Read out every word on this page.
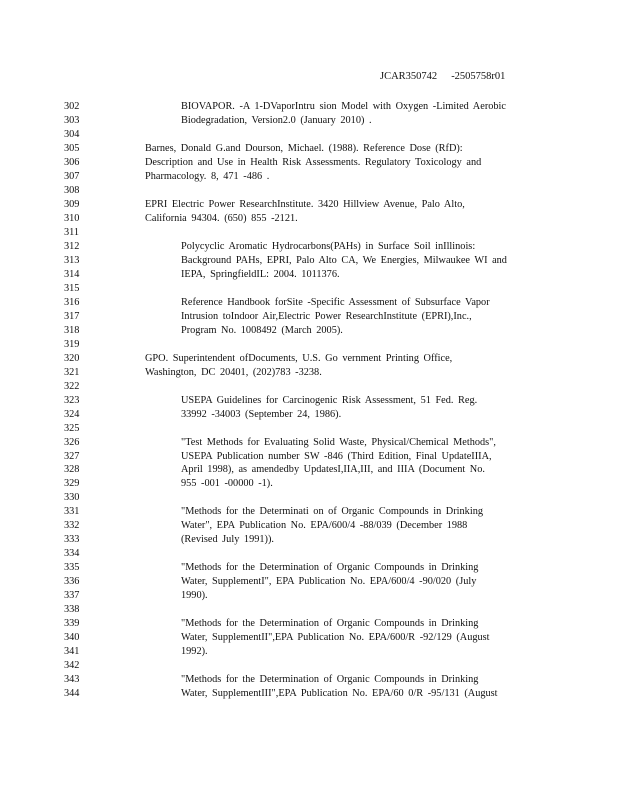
JCAR350742 -2505758r01
302	BIOVAPOR. -A 1-DVaporIntru sion Model with Oxygen -Limited Aerobic
303	Biodegradation, Version2.0 (January 2010) .
304
305	Barnes, Donald G.and Dourson, Michael. (1988). Reference Dose (RfD):
306	Description and Use in Health Risk Assessments. Regulatory Toxicology and
307	Pharmacology. 8, 471 -486 .
308
309	EPRI Electric Power ResearchInstitute. 3420 Hillview Avenue, Palo Alto,
310	California 94304. (650) 855 -2121.
311
312	Polycyclic Aromatic Hydrocarbons(PAHs) in Surface Soil inIllinois:
313	Background PAHs, EPRI, Palo Alto CA, We Energies, Milwaukee WI and
314	IEPA, SpringfieldIL: 2004. 1011376.
315
316	Reference Handbook forSite -Specific Assessment of Subsurface Vapor
317	Intrusion toIndoor Air,Electric Power ResearchInstitute (EPRI),Inc.,
318	Program No. 1008492 (March 2005).
319
320	GPO. Superintendent ofDocuments, U.S. Go vernment Printing Office,
321	Washington, DC 20401, (202)783 -3238.
322
323	USEPA Guidelines for Carcinogenic Risk Assessment, 51 Fed. Reg.
324	33992 -34003 (September 24, 1986).
325
326	"Test Methods for Evaluating Solid Waste, Physical/Chemical Methods",
327	USEPA Publication number SW -846 (Third Edition, Final UpdateIIIA,
328	April 1998), as amendedby UpdatesI,IIA,III, and IIIA (Document No.
329	955 -001 -00000 -1).
330
331	"Methods for the Determinati on of Organic Compounds in Drinking
332	Water", EPA Publication No. EPA/600/4 -88/039 (December 1988
333	(Revised July 1991)).
334
335	"Methods for the Determination of Organic Compounds in Drinking
336	Water, SupplementI", EPA Publication No. EPA/600/4 -90/020 (July
337	1990).
338
339	"Methods for the Determination of Organic Compounds in Drinking
340	Water, SupplementII",EPA Publication No. EPA/600/R -92/129 (August
341	1992).
342
343	"Methods for the Determination of Organic Compounds in Drinking
344	Water, SupplementIII",EPA Publication No. EPA/60 0/R -95/131 (August
